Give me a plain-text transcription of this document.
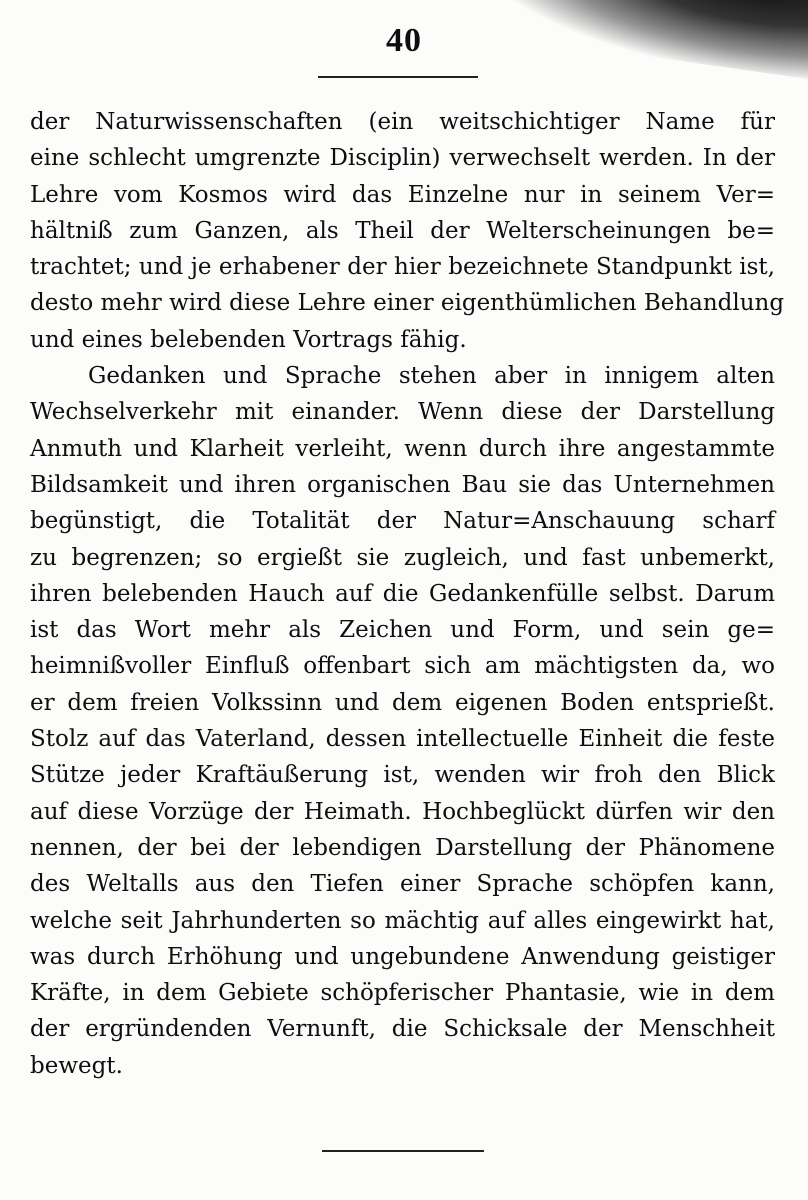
40
der Naturwissenschaften (ein weitschichtiger Name für
eine schlecht umgrenzte Disciplin) verwechselt werden. In der
Lehre vom Kosmos wird das Einzelne nur in seinem Ver=
hältniß zum Ganzen, als Theil der Welterscheinungen be=
trachtet; und je erhabener der hier bezeichnete Standpunkt ist,
desto mehr wird diese Lehre einer eigenthümlichen Behandlung
und eines belebenden Vortrags fähig.
Gedanken und Sprache stehen aber in innigem alten
Wechselverkehr mit einander. Wenn diese der Darstellung
Anmuth und Klarheit verleiht, wenn durch ihre angestammte
Bildsamkeit und ihren organischen Bau sie das Unternehmen
begünstigt, die Totalität der Natur=Anschauung scharf
zu begrenzen; so ergießt sie zugleich, und fast unbemerkt,
ihren belebenden Hauch auf die Gedankenfülle selbst. Darum
ist das Wort mehr als Zeichen und Form, und sein ge=
heimnißvoller Einfluß offenbart sich am mächtigsten da, wo
er dem freien Volkssinn und dem eigenen Boden entsprießt.
Stolz auf das Vaterland, dessen intellectuelle Einheit die feste
Stütze jeder Kraftäußerung ist, wenden wir froh den Blick
auf diese Vorzüge der Heimath. Hochbeglückt dürfen wir den
nennen, der bei der lebendigen Darstellung der Phänomene
des Weltalls aus den Tiefen einer Sprache schöpfen kann,
welche seit Jahrhunderten so mächtig auf alles eingewirkt hat,
was durch Erhöhung und ungebundene Anwendung geistiger
Kräfte, in dem Gebiete schöpferischer Phantasie, wie in dem
der ergründenden Vernunft, die Schicksale der Menschheit
bewegt.
